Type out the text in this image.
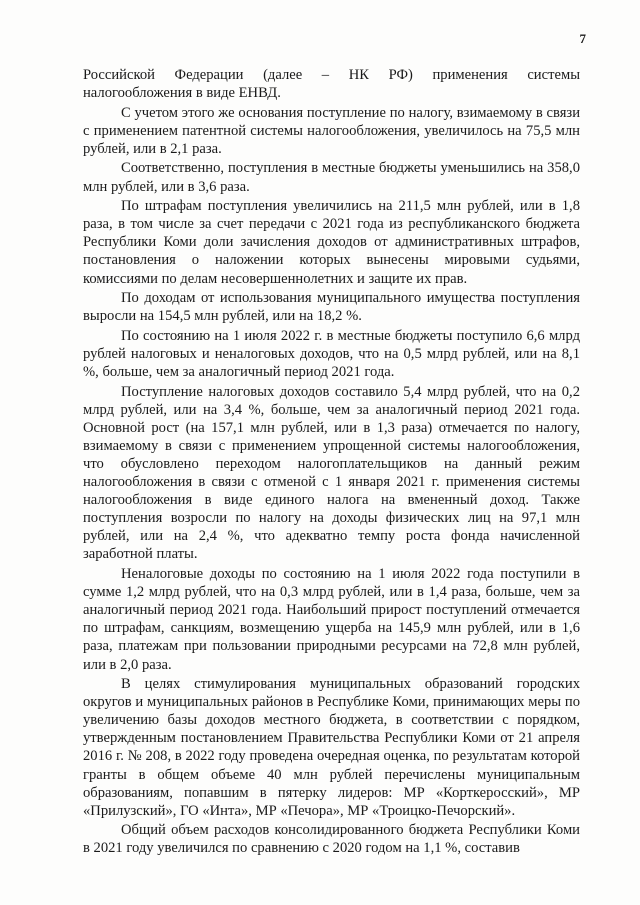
7

Российской Федерации (далее – НК РФ) применения системы налогообложения в виде ЕНВД.

С учетом этого же основания поступление по налогу, взимаемому в связи с применением патентной системы налогообложения, увеличилось на 75,5 млн рублей, или в 2,1 раза.

Соответственно, поступления в местные бюджеты уменьшились на 358,0 млн рублей, или в 3,6 раза.

По штрафам поступления увеличились на 211,5 млн рублей, или в 1,8 раза, в том числе за счет передачи с 2021 года из республиканского бюджета Республики Коми доли зачисления доходов от административных штрафов, постановления о наложении которых вынесены мировыми судьями, комиссиями по делам несовершеннолетних и защите их прав.

По доходам от использования муниципального имущества поступления выросли на 154,5 млн рублей, или на 18,2 %.

По состоянию на 1 июля 2022 г. в местные бюджеты поступило 6,6 млрд рублей налоговых и неналоговых доходов, что на 0,5 млрд рублей, или на 8,1 %, больше, чем за аналогичный период 2021 года.

Поступление налоговых доходов составило 5,4 млрд рублей, что на 0,2 млрд рублей, или на 3,4 %, больше, чем за аналогичный период 2021 года. Основной рост (на 157,1 млн рублей, или в 1,3 раза) отмечается по налогу, взимаемому в связи с применением упрощенной системы налогообложения, что обусловлено переходом налогоплательщиков на данный режим налогообложения в связи с отменой с 1 января 2021 г. применения системы налогообложения в виде единого налога на вмененный доход. Также поступления возросли по налогу на доходы физических лиц на 97,1 млн рублей, или на 2,4 %, что адекватно темпу роста фонда начисленной заработной платы.

Неналоговые доходы по состоянию на 1 июля 2022 года поступили в сумме 1,2 млрд рублей, что на 0,3 млрд рублей, или в 1,4 раза, больше, чем за аналогичный период 2021 года. Наибольший прирост поступлений отмечается по штрафам, санкциям, возмещению ущерба на 145,9 млн рублей, или в 1,6 раза, платежам при пользовании природными ресурсами на 72,8 млн рублей, или в 2,0 раза.

В целях стимулирования муниципальных образований городских округов и муниципальных районов в Республике Коми, принимающих меры по увеличению базы доходов местного бюджета, в соответствии с порядком, утвержденным постановлением Правительства Республики Коми от 21 апреля 2016 г. № 208, в 2022 году проведена очередная оценка, по результатам которой гранты в общем объеме 40 млн рублей перечислены муниципальным образованиям, попавшим в пятерку лидеров: МР «Корткеросский», МР «Прилузский», ГО «Инта», МР «Печора», МР «Троицко-Печорский».

Общий объем расходов консолидированного бюджета Республики Коми в 2021 году увеличился по сравнению с 2020 годом на 1,1 %, составив
